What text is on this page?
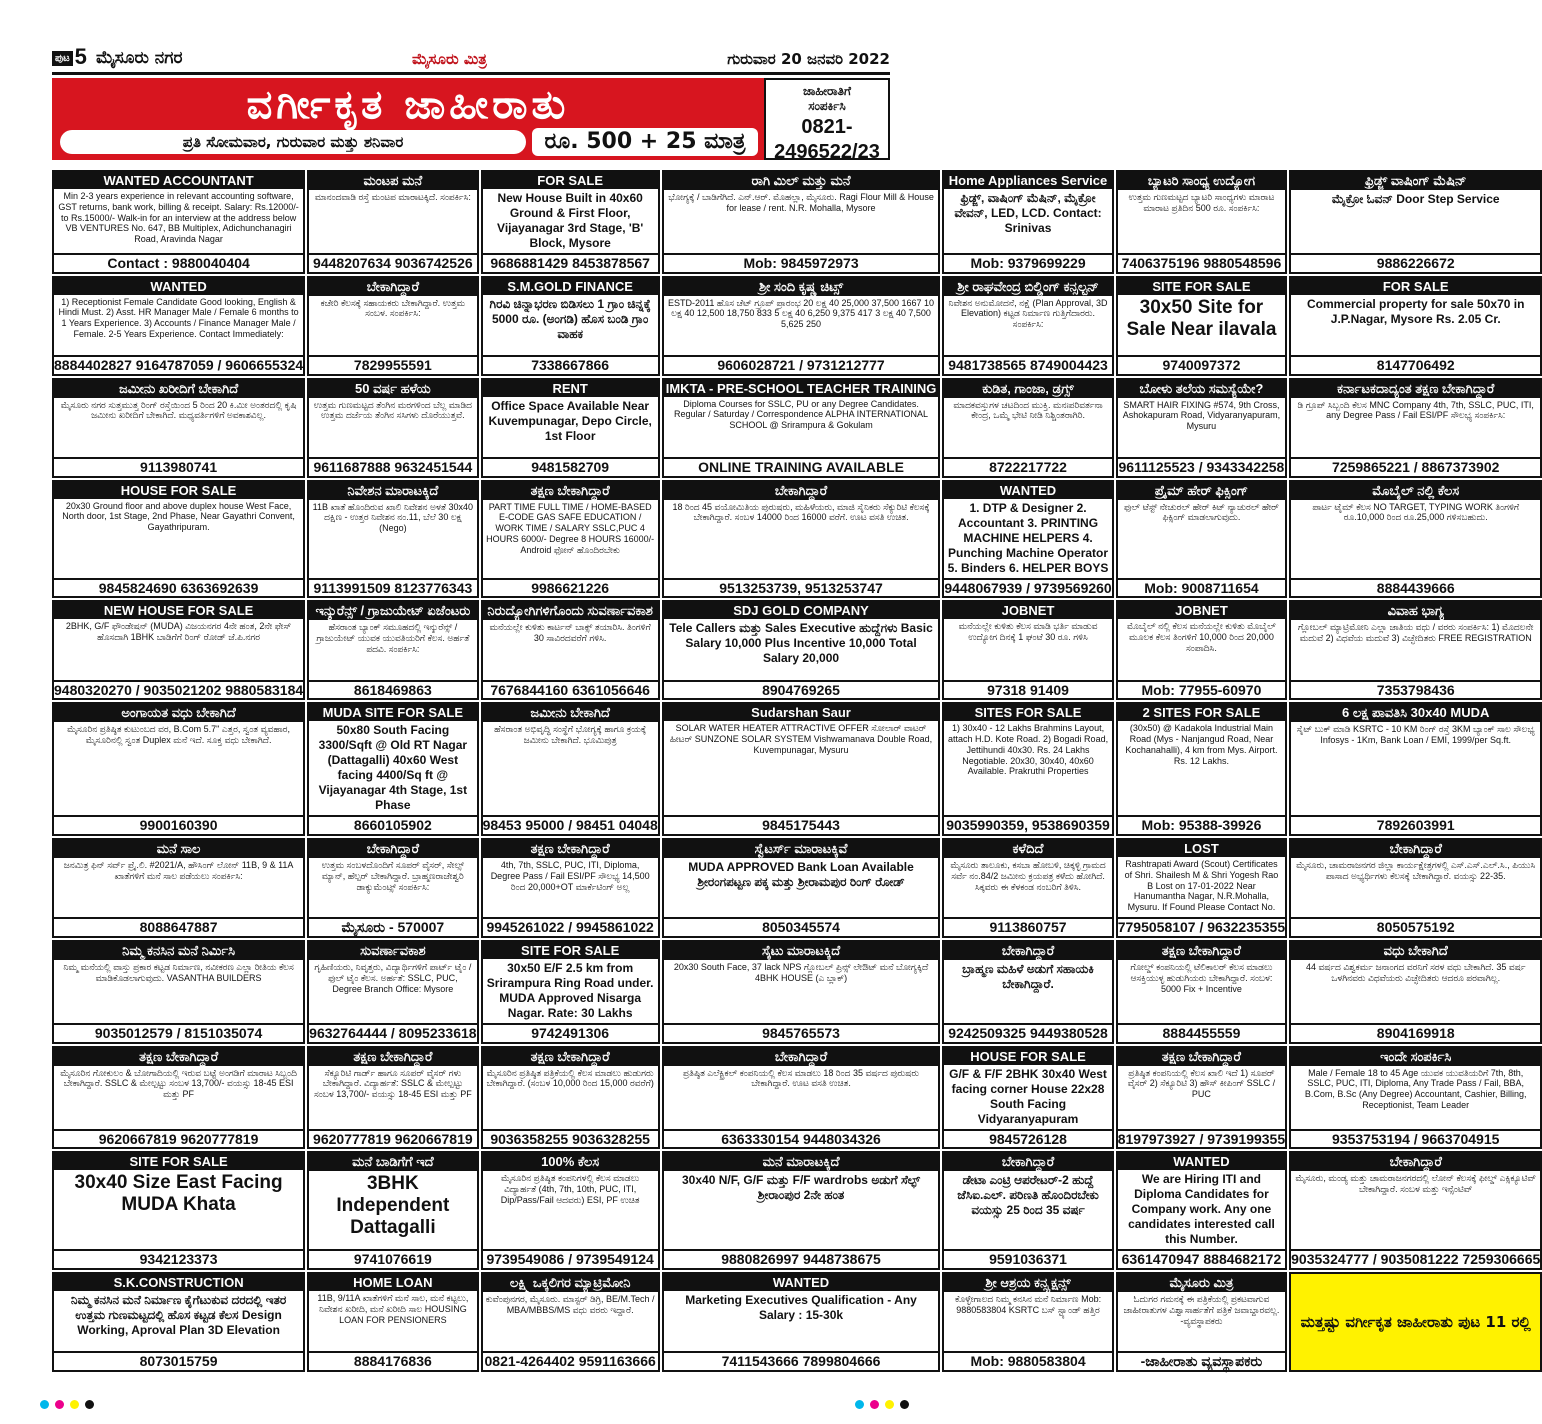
ಪುಟ 5 ಮೈಸೂರು ನಗರ	ಮೈಸೂರು ಮಿತ್ರ	ಗುರುವಾರ 20 ಜನವರಿ 2022
ವರ್ಗೀಕೃತ ಜಾಹೀರಾತು
ಪ್ರತಿ ಸೋಮವಾರ, ಗುರುವಾರ ಮತ್ತು ಶನಿವಾರ	ರೂ. 500 + 25 ಮಾತ್ರ
ಜಾಹೀರಾತಿಗೆ
ಸಂಪರ್ಕಿಸಿ
0821-
2496522/23
WANTED ACCOUNTANT
Min 2-3 years experience in relevant accounting software, GST returns, bank work, billing & receipt. Salary: Rs.12000/- to Rs.15000/- Walk-in for an interview at the address below VB VENTURES No. 647, BB Multiplex, Adichunchanagiri Road, Aravinda Nagar
Contact : 9880040404
ಮಂಟಪ ಮನೆ
ಮಾನಂದವಾಡಿ ರಸ್ತೆ ಮಂಟಪ ಮಾರಾಟಕ್ಕಿದೆ. ಸಂಪರ್ಕಿಸಿ:
9448207634 9036742526
FOR SALE
New House Built in 40x60 Ground & First Floor, Vijayanagar 3rd Stage, 'B' Block, Mysore
9686881429 8453878567
ರಾಗಿ ಮಿಲ್ ಮತ್ತು ಮನೆ
ಭೋಗ್ಯಕ್ಕೆ / ಬಾಡಿಗೆಗಿದೆ. ಎನ್.ಆರ್. ಮೊಹಲ್ಲಾ, ಮೈಸೂರು. Ragi Flour Mill & House for lease / rent. N.R. Mohalla, Mysore
Mob: 9845972973
Home Appliances Service
ಫ್ರಿಡ್ಜ್, ವಾಷಿಂಗ್ ಮೆಷಿನ್, ಮೈಕ್ರೋ ವೇವನ್, LED, LCD. Contact: Srinivas
Mob: 9379699229
ಬ್ಯಾಟರಿ ಸಾಂಧ್ಯ ಉದ್ಯೋಗ
ಉತ್ತಮ ಗುಣಮಟ್ಟದ ಬ್ಯಾಟರಿ ಸಾಂಧ್ಯಗಳು ಮಾರಾಟ ಮಾರಾಟ ಪ್ರತಿದಿನ 500 ರೂ. ಸಂಪರ್ಕಿಸಿ:
7406375196 9880548596
ಫ್ರಿಡ್ಜ್ ವಾಷಿಂಗ್ ಮೆಷಿನ್
ಮೈಕ್ರೋ ಓವನ್ Door Step Service
9886226672
WANTED
1) Receptionist Female Candidate Good looking, English & Hindi Must. 2) Asst. HR Manager Male / Female 6 months to 1 Years Experience. 3) Accounts / Finance Manager Male / Female. 2-5 Years Experience. Contact Immediately:
8884402827 9164787059 / 9606655324
ಬೇಕಾಗಿದ್ದಾರೆ
ಕಚೇರಿ ಕೆಲಸಕ್ಕೆ ಸಹಾಯಕರು ಬೇಕಾಗಿದ್ದಾರೆ. ಉತ್ತಮ ಸಂಬಳ. ಸಂಪರ್ಕಿಸಿ:
7829955591
S.M.GOLD FINANCE
ಗಿರವಿ ಚಿನ್ನಾಭರಣ ಬಿಡಿಸಲು 1 ಗ್ರಾಂ ಚಿನ್ನಕ್ಕೆ 5000 ರೂ. (ಅಂಗಡಿ) ಹೊಸ ಬಂಡಿ ಗ್ರಾಂ ವಾಹಕ
7338667866
ಶ್ರೀ ಸಂದಿ ಕೃಷ್ಣ ಚಿಟ್ಸ್
ESTD-2011 ಹೊಸ ಚೆಟ್ ಗ್ರೂಪ್ ಪ್ರಾರಂಭ 20 ಲಕ್ಷ 40 25,000 37,500 1667 10 ಲಕ್ಷ 40 12,500 18,750 833 5 ಲಕ್ಷ 40 6,250 9,375 417 3 ಲಕ್ಷ 40 7,500 5,625 250
9606028721 / 9731212777
ಶ್ರೀ ರಾಘವೇಂದ್ರ ಬಿಲ್ಡಿಂಗ್ ಕನ್ಸಲ್ಟನ್
ನಿವೇಶನ ಅನುಮೋದನೆ, ನಕ್ಷೆ (Plan Approval, 3D Elevation) ಕಟ್ಟಡ ನಿರ್ಮಾಣ ಗುತ್ತಿಗೆದಾರರು. ಸಂಪರ್ಕಿಸಿ:
9481738565 8749004423
SITE FOR SALE
30x50 Site for Sale Near ilavala
9740097372
FOR SALE
Commercial property for sale 50x70 in J.P.Nagar, Mysore Rs. 2.05 Cr.
8147706492
ಜಮೀನು ಖರೀದಿಗೆ ಬೇಕಾಗಿದೆ
ಮೈಸೂರು ನಗರ ಸುತ್ತಮುತ್ತ ರಿಂಗ್ ರಸ್ತೆಯಿಂದ 5 ರಿಂದ 20 ಕಿ.ಮೀ ಅಂತರದಲ್ಲಿ ಕೃಷಿ ಜಮೀನು ಖರೀದಿಗೆ ಬೇಕಾಗಿದೆ. ಮಧ್ಯವರ್ತಿಗಳಿಗೆ ಅವಕಾಶವಿಲ್ಲ.
9113980741
50 ವರ್ಷ ಹಳೆಯ
ಉತ್ತಮ ಗುಣಮಟ್ಟದ ತೆಂಗಿನ ಮರಗಳಿಂದ ಬೆಲ್ಲ ಮಾಡಿದ ಉತ್ತಮ ದರ್ಜೆಯ ತೆಂಗಿನ ಸಸಿಗಳು ದೊರೆಯುತ್ತವೆ.
9611687888 9632451544
RENT
Office Space Available Near Kuvempunagar, Depo Circle, 1st Floor
9481582709
IMKTA - PRE-SCHOOL TEACHER TRAINING
Diploma Courses for SSLC, PU or any Degree Candidates. Regular / Saturday / Correspondence ALPHA INTERNATIONAL SCHOOL @ Srirampura & Gokulam
ONLINE TRAINING AVAILABLE
ಕುಡಿತ, ಗಾಂಜಾ, ಡ್ರಗ್ಸ್
ಮಾದಕವಸ್ತುಗಳ ಚಟದಿಂದ ಮುಕ್ತಿ. ಮನಃಪರಿವರ್ತನಾ ಕೇಂದ್ರ, ಒಮ್ಮೆ ಭೇಟಿ ನೀಡಿ ನಿಶ್ಚಿಂತರಾಗಿರಿ.
8722217722
ಬೋಳು ತಲೆಯ ಸಮಸ್ಯೆಯೇ?
SMART HAIR FIXING #574, 9th Cross, Ashokapuram Road, Vidyaranyapuram, Mysuru
9611125523 / 9343342258
ಕರ್ನಾಟಕದಾದ್ಯಂತ ತಕ್ಷಣ ಬೇಕಾಗಿದ್ದಾರೆ
ಡಿ ಗ್ರೂಪ್ ಸಿಬ್ಬಂದಿ ಕೆಲಸ MNC Company 4th, 7th, SSLC, PUC, ITI, any Degree Pass / Fail ESI/PF ಸೌಲಭ್ಯ ಸಂಪರ್ಕಿಸಿ:
7259865221 / 8867373902
HOUSE FOR SALE
20x30 Ground floor and above duplex house West Face, North door, 1st Stage, 2nd Phase, Near Gayathri Convent, Gayathripuram.
9845824690 6363692639
ನಿವೇಶನ ಮಾರಾಟಕ್ಕಿದೆ
11B ಖಾತೆ ಹೊಂದಿರುವ ಖಾಲಿ ನಿವೇಶನ ಅಳತೆ 30x40 ದಕ್ಷಿಣ - ಉತ್ತರ ನಿವೇಶನ ನಂ.11, ಬೆಲೆ 30 ಲಕ್ಷ (Nego)
9113991509 8123776343
ತಕ್ಷಣ ಬೇಕಾಗಿದ್ದಾರೆ
PART TIME FULL TIME / HOME-BASED E-CODE GAS SAFE EDUCATION / WORK TIME / SALARY SSLC,PUC 4 HOURS 6000/- Degree 8 HOURS 16000/- Android ಫೋನ್ ಹೊಂದಿರಬೇಕು
9986621226
ಬೇಕಾಗಿದ್ದಾರೆ
18 ರಿಂದ 45 ವಯೋಮಿತಿಯ ಪುರುಷರು, ಮಹಿಳೆಯರು, ಮಾಜಿ ಸೈನಿಕರು ಸೆಕ್ಯುರಿಟಿ ಕೆಲಸಕ್ಕೆ ಬೇಕಾಗಿದ್ದಾರೆ. ಸಂಬಳ 14000 ರಿಂದ 16000 ವರೆಗೆ. ಊಟ ವಸತಿ ಉಚಿತ.
9513253739, 9513253747
WANTED
1. DTP & Designer 2. Accountant 3. PRINTING MACHINE HELPERS 4. Punching Machine Operator 5. Binders 6. HELPER BOYS
9448067939 / 9739569260
ಪ್ರೈಮ್ ಹೇರ್ ಫಿಕ್ಸಿಂಗ್
ಫುಲ್ ಟೆಸ್ಟ್ ನೇಚುರಲ್ ಹೇರ್ ಕಿಟ್ ನ್ಯಾಚುರಲ್ ಹೇರ್ ಫಿಕ್ಸಿಂಗ್ ಮಾಡಲಾಗುವುದು.
Mob: 9008711654
ಮೊಬೈಲ್ ನಲ್ಲಿ ಕೆಲಸ
ಪಾರ್ಟ ಟೈಮ್ ಕೆಲಸ NO TARGET, TYPING WORK ತಿಂಗಳಿಗೆ ರೂ.10,000 ರಿಂದ ರೂ.25,000 ಗಳಿಸಬಹುದು.
8884439666
NEW HOUSE FOR SALE
2BHK, G/F ಫೌಂಡೇಷನ್ (MUDA) ವಿಜಯನಗರ 4ನೇ ಹಂತ, 2ನೇ ಫೇಸ್ ಹೊಸದಾಗಿ 1BHK ಬಾಡಿಗೆಗೆ ರಿಂಗ್ ರೋಡ್ ಜೆ.ಪಿ.ನಗರ
9480320270 / 9035021202 9880583184
ಇನ್ಶುರೆನ್ಸ್ / ಗ್ರಾಜುಯೇಟ್ ಏಜೆಂಟರು
ಹೆಸರಾಂತ ಬ್ಯಾಂಕ್ ಸಮೂಹದಲ್ಲಿ ಇನ್ಶುರೆನ್ಸ್ / ಗ್ರಾಜುಯೇಟ್ ಯುವಕ ಯುವತಿಯರಿಗೆ ಕೆಲಸ. ಅರ್ಹತೆ ಪದವಿ. ಸಂಪರ್ಕಿಸಿ:
8618469863
ನಿರುದ್ಯೋಗಿಗಳಿಗೊಂದು ಸುವರ್ಣಾವಕಾಶ
ಮನೆಯಲ್ಲೇ ಕುಳಿತು ಕಾರ್ಟನ್ ಬಾಕ್ಸ್ ತಯಾರಿಸಿ. ತಿಂಗಳಿಗೆ 30 ಸಾವಿರದವರೆಗೆ ಗಳಿಸಿ.
7676844160 6361056646
SDJ GOLD COMPANY
Tele Callers ಮತ್ತು Sales Executive ಹುದ್ದೆಗಳು Basic Salary 10,000 Plus Incentive 10,000 Total Salary 20,000
8904769265
JOBNET
ಮನೆಯಲ್ಲೇ ಕುಳಿತು ಕೆಲಸ ಮಾಡಿ ಭರ್ತಿ ಮಾಡುವ ಉದ್ಯೋಗ ದಿನಕ್ಕೆ 1 ಘಂಟೆ 30 ರೂ. ಗಳಿಸಿ
97318 91409
JOBNET
ಮೊಬೈಲ್ ನಲ್ಲಿ ಕೆಲಸ ಮನೆಯಲ್ಲೇ ಕುಳಿತು ಮೊಬೈಲ್ ಮೂಲಕ ಕೆಲಸ ತಿಂಗಳಿಗೆ 10,000 ರಿಂದ 20,000 ಸಂಪಾದಿಸಿ.
Mob: 77955-60970
ವಿವಾಹ ಭಾಗ್ಯ
ಗ್ಲೋಬಲ್ ಮ್ಯಾಟ್ರಿಮೋನಿ ಎಲ್ಲಾ ಜಾತಿಯ ವಧು / ವರರು ಸಂಪರ್ಕಿಸಿ: 1) ಮೊದಲನೇ ಮದುವೆ 2) ವಿಧವೆಯ ಮದುವೆ 3) ವಿಚ್ಛೇದಿತರು FREE REGISTRATION
7353798436
ಅಂಗಾಯತ ವಧು ಬೇಕಾಗಿದೆ
ಮೈಸೂರಿನ ಪ್ರತಿಷ್ಠಿತ ಕುಟುಂಬದ ವರ, B.Com 5.7" ಎತ್ತರ, ಸ್ವಂತ ವ್ಯವಹಾರ, ಮೈಸೂರಿನಲ್ಲಿ ಸ್ವಂತ Duplex ಮನೆ ಇದೆ. ಸೂಕ್ತ ವಧು ಬೇಕಾಗಿದೆ.
9900160390
MUDA SITE FOR SALE
50x80 South Facing 3300/Sqft @ Old RT Nagar (Dattagalli) 40x60 West facing 4400/Sq ft @ Vijayanagar 4th Stage, 1st Phase
8660105902
ಜಮೀನು ಬೇಕಾಗಿದೆ
ಹೆಸರಾಂತ ಅಭಿವೃದ್ಧಿ ಸಂಸ್ಥೆಗೆ ಭೋಗ್ಯಕ್ಕೆ ಹಾಗೂ ಕ್ರಯಕ್ಕೆ ಜಮೀನು ಬೇಕಾಗಿದೆ. ಭೂಮಿಪುತ್ರ
98453 95000 / 98451 04048
Sudarshan Saur
SOLAR WATER HEATER ATTRACTIVE OFFER ಸೋಲಾರ್ ವಾಟರ್ ಹೀಟರ್ SUNZONE SOLAR SYSTEM Vishwamanava Double Road, Kuvempunagar, Mysuru
9845175443
SITES FOR SALE
1) 30x40 - 12 Lakhs Brahmins Layout, attach H.D. Kote Road. 2) Bogadi Road, Jettihundi 40x30. Rs. 24 Lakhs Negotiable. 20x30, 30x40, 40x60 Available. Prakruthi Properties
9035990359, 9538690359
2 SITES FOR SALE
(30x50) @ Kadakola Industrial Main Road (Mys - Nanjangud Road, Near Kochanahalli), 4 km from Mys. Airport. Rs. 12 Lakhs.
Mob: 95388-39926
6 ಲಕ್ಷ ಪಾವತಿಸಿ 30x40 MUDA
ಸೈಟ್ ಬುಕ್ ಮಾಡಿ KSRTC - 10 KM ರಿಂಗ್ ರಸ್ತೆ 3KM ಬ್ಯಾಂಕ್ ಸಾಲ ಸೌಲಭ್ಯ Infosys - 1Km, Bank Loan / EMI, 1999/per Sq.ft.
7892603991
ಮನೆ ಸಾಲ
ಜನಮಿತ್ರ ಫಿನ್ ಸರ್ವ್ ಪ್ರೈ.ಲಿ. #2021/A, ಹೌಸಿಂಗ್ ಲೋನ್ 11B, 9 & 11A ಖಾತೆಗಳಿಗೆ ಮನೆ ಸಾಲ ಪಡೆಯಲು ಸಂಪರ್ಕಿಸಿ:
8088647887
ಬೇಕಾಗಿದ್ದಾರೆ
ಉತ್ತಮ ಸಂಬಳದೊಂದಿಗೆ ಸೂಪರ್ ವೈಸರ್, ಸೇಲ್ಸ್ ಮ್ಯಾನ್, ಹೆಲ್ಪರ್ ಬೇಕಾಗಿದ್ದಾರೆ. ಬ್ರಾಹ್ಮಣರಾಜೇಶ್ವರಿ ಡಾಕ್ಯುಮೆಂಟ್ಸ್ ಸಂಪರ್ಕಿಸಿ:
ಮೈಸೂರು - 570007
ತಕ್ಷಣ ಬೇಕಾಗಿದ್ದಾರೆ
4th, 7th, SSLC, PUC, ITI, Diploma, Degree Pass / Fail ESI/PF ಸೌಲಭ್ಯ 14,500 ರಿಂದ 20,000+OT ಮಾರ್ಕೆಟಿಂಗ್ ಅಲ್ಲ
9945261022 / 9945861022
ಸ್ವೆಟರ್ಸ್ ಮಾರಾಟಕ್ಕಿವೆ
MUDA APPROVED Bank Loan Available ಶ್ರೀರಂಗಪಟ್ಟಣ ಪಕ್ಕ ಮತ್ತು ಶ್ರೀರಾಮಪುರ ರಿಂಗ್ ರೋಡ್
8050345574
ಕಳೆದಿದೆ
ಮೈಸೂರು ತಾಲೂಕು, ಕಸಬಾ ಹೋಬಳಿ, ಚಿಕ್ಕಳ್ಳಿ ಗ್ರಾಮದ ಸರ್ವೆ ನಂ.84/2 ಜಮೀನು ಕ್ರಯಪತ್ರ ಕಳೆದು ಹೋಗಿದೆ. ಸಿಕ್ಕವರು ಈ ಕೆಳಕಂಡ ನಂಬರಿಗೆ ತಿಳಿಸಿ.
9113860757
LOST
Rashtrapati Award (Scout) Certificates of Shri. Shailesh M & Shri Yogesh Rao B Lost on 17-01-2022 Near Hanumantha Nagar, N.R.Mohalla, Mysuru. If Found Please Contact No.
7795058107 / 9632235355
ಬೇಕಾಗಿದ್ದಾರೆ
ಮೈಸೂರು, ಚಾಮರಾಜನಗರ ಜಿಲ್ಲಾ ಕಾರ್ಯಕ್ಷೇತ್ರಗಳಲ್ಲಿ ಎಸ್.ಎಸ್.ಎಲ್.ಸಿ., ಪಿಯುಸಿ ಪಾಸಾದ ಅಭ್ಯರ್ಥಿಗಳು ಕೆಲಸಕ್ಕೆ ಬೇಕಾಗಿದ್ದಾರೆ. ವಯಸ್ಸು 22-35.
8050575192
ನಿಮ್ಮ ಕನಸಿನ ಮನೆ ನಿರ್ಮಿಸಿ
ನಿಮ್ಮ ಮನೆಯಲ್ಲಿ ವಾಸ್ತು ಪ್ರಕಾರ ಕಟ್ಟಡ ನಿರ್ಮಾಣ, ನವೀಕರಣ ಎಲ್ಲಾ ರೀತಿಯ ಕೆಲಸ ಮಾಡಿಕೊಡಲಾಗುವುದು. VASANTHA BUILDERS
9035012579 / 8151035074
ಸುವರ್ಣಾವಕಾಶ
ಗೃಹಿಣಿಯರು, ನಿವೃತ್ತರು, ವಿದ್ಯಾರ್ಥಿಗಳಿಗೆ ಪಾರ್ಟ್ ಟೈಂ / ಫುಲ್ ಟೈಂ ಕೆಲಸ. ಅರ್ಹತೆ: SSLC, PUC, Degree Branch Office: Mysore
9632764444 / 8095233618
SITE FOR SALE
30x50 E/F 2.5 km from Srirampura Ring Road under. MUDA Approved Nisarga Nagar. Rate: 30 Lakhs
9742491306
ಸೈಟು ಮಾರಾಟಕ್ಕಿದೆ
20x30 South Face, 37 lack NPS ಗ್ಲೋಬಲ್ ಪ್ರಿನ್ಸ್ ಲೇಔಟ್ ಮನೆ ಬೋಗ್ಯಕ್ಕಿದೆ 4BHK HOUSE (ಎ ಬ್ಲಾಕ್)
9845765573
ಬೇಕಾಗಿದ್ದಾರೆ
ಬ್ರಾಹ್ಮಣ ಮಹಿಳೆ ಅಡುಗೆ ಸಹಾಯಕಿ ಬೇಕಾಗಿದ್ದಾರೆ.
9242509325 9449380528
ತಕ್ಷಣ ಬೇಕಾಗಿದ್ದಾರೆ
ಗೋಲ್ಡ್ ಕಂಪನಿಯಲ್ಲಿ ಟೆಲಿಕಾಲರ್ ಕೆಲಸ ಮಾಡಲು ಆಸಕ್ತಿಯುಳ್ಳ ಹುಡುಗಿಯರು ಬೇಕಾಗಿದ್ದಾರೆ. ಸಂಬಳ: 5000 Fix + Incentive
8884455559
ವಧು ಬೇಕಾಗಿದೆ
44 ವರ್ಷದ ವಿಶ್ವಕರ್ಮ ಜನಾಂಗದ ವರನಿಗೆ ಸರಳ ವಧು ಬೇಕಾಗಿದೆ. 35 ವರ್ಷ ಒಳಗಿನವರು ವಿಧವೆಯರು ವಿಚ್ಛೇದಿತರು ಆದರೂ ಪರವಾಗಿಲ್ಲ.
8904169918
ತಕ್ಷಣ ಬೇಕಾಗಿದ್ದಾರೆ
ಮೈಸೂರಿನ ಗೋಕುಲಂ & ಬೋಗಾದಿಯಲ್ಲಿ ಇರುವ ಬಟ್ಟೆ ಅಂಗಡಿಗೆ ಮಾರಾಟ ಸಿಬ್ಬಂದಿ ಬೇಕಾಗಿದ್ದಾರೆ. SSLC & ಮೇಲ್ಪಟ್ಟು ಸಂಬಳ 13,700/- ವಯಸ್ಸು 18-45 ESI ಮತ್ತು PF
9620667819 9620777819
ತಕ್ಷಣ ಬೇಕಾಗಿದ್ದಾರೆ
ಸೆಕ್ಯೂರಿಟಿ ಗಾರ್ಡ್ ಹಾಗೂ ಸೂಪರ್ ವೈಸರ್ ಗಳು ಬೇಕಾಗಿದ್ದಾರೆ. ವಿದ್ಯಾರ್ಹತೆ: SSLC & ಮೇಲ್ಪಟ್ಟು ಸಂಬಳ 13,700/- ವಯಸ್ಸು 18-45 ESI ಮತ್ತು PF
9620777819 9620667819
ತಕ್ಷಣ ಬೇಕಾಗಿದ್ದಾರೆ
ಮೈಸೂರಿನ ಪ್ರತಿಷ್ಠಿತ ಪತ್ರಿಕೆಯಲ್ಲಿ ಕೆಲಸ ಮಾಡಲು ಹುಡುಗರು ಬೇಕಾಗಿದ್ದಾರೆ. (ಸಂಬಳ 10,000 ರಿಂದ 15,000 ರವರೆಗೆ)
9036358255 9036328255
ಬೇಕಾಗಿದ್ದಾರೆ
ಪ್ರತಿಷ್ಠಿತ ಎಲೆಕ್ಟ್ರಿಕಲ್ ಕಂಪನಿಯಲ್ಲಿ ಕೆಲಸ ಮಾಡಲು 18 ರಿಂದ 35 ವರ್ಷದ ಪುರುಷರು ಬೇಕಾಗಿದ್ದಾರೆ. ಊಟ ವಸತಿ ಉಚಿತ.
6363330154 9448034326
HOUSE FOR SALE
G/F & F/F 2BHK 30x40 West facing corner House 22x28 South Facing Vidyaranyapuram
9845726128
ತಕ್ಷಣ ಬೇಕಾಗಿದ್ದಾರೆ
ಪ್ರತಿಷ್ಠಿತ ಕಂಪನಿಯಲ್ಲಿ ಕೆಲಸ ಖಾಲಿ ಇದೆ 1) ಸೂಪರ್ ವೈಸರ್ 2) ಸೆಕ್ಯೂರಿಟಿ 3) ಹೌಸ್ ಕೀಪಿಂಗ್ SSLC / PUC
8197973927 / 9739199355
ಇಂದೇ ಸಂಪರ್ಕಿಸಿ
Male / Female 18 to 45 Age ಯುವಕ ಯುವತಿಯರಿಗೆ 7th, 8th, SSLC, PUC, ITI, Diploma, Any Trade Pass / Fail, BBA, B.Com, B.Sc (Any Degree) Accountant, Cashier, Billing, Receptionist, Team Leader
9353753194 / 9663704915
SITE FOR SALE
30x40 Size East Facing MUDA Khata
9342123373
ಮನೆ ಬಾಡಿಗೆಗೆ ಇದೆ
3BHK Independent Dattagalli
9741076619
100% ಕೆಲಸ
ಮೈಸೂರಿನ ಪ್ರತಿಷ್ಠಿತ ಕಂಪನಿಗಳಲ್ಲಿ ಕೆಲಸ ಮಾಡಲು ವಿದ್ಯಾರ್ಹತೆ (4th, 7th, 10th, PUC, ITI, Dip/Pass/Fail ಆದವರು) ESI, PF ಉಚಿತ
9739549086 / 9739549124
ಮನೆ ಮಾರಾಟಕ್ಕಿದೆ
30x40 N/F, G/F ಮತ್ತು F/F wardrobs ಅಡುಗೆ ಸೆಲ್ಫ್ ಶ್ರೀರಾಂಪುರ 2ನೇ ಹಂತ
9880826997 9448738675
ಬೇಕಾಗಿದ್ದಾರೆ
ಡೇಟಾ ಎಂಟ್ರಿ ಆಪರೇಟರ್-2 ಹುದ್ದೆ ಜೆಸಿಐ.ಎಲ್. ಪರಿಣತಿ ಹೊಂದಿರಬೇಕು ವಯಸ್ಸು 25 ರಿಂದ 35 ವರ್ಷ
9591036371
WANTED
We are Hiring ITI and Diploma Candidates for Company work. Any one candidates interested call this Number.
6361470947 8884682172
ಬೇಕಾಗಿದ್ದಾರೆ
ಮೈಸೂರು, ಮಂಡ್ಯ ಮತ್ತು ಚಾಮರಾಜನಗರದಲ್ಲಿ ಲೋನ್ ಕೆಲಸಕ್ಕೆ ಫೀಲ್ಡ್ ಎಕ್ಸಿಕ್ಯೂಟಿವ್ ಬೇಕಾಗಿದ್ದಾರೆ. ಸಂಬಳ ಮತ್ತು ಇನ್ಸೆಂಟಿವ್
9035324777 / 9035081222 7259306665
S.K.CONSTRUCTION
ನಿಮ್ಮ ಕನಸಿನ ಮನೆ ನಿರ್ಮಾಣ ಕೈಗೆಟುಕುವ ದರದಲ್ಲಿ ಇತರ ಉತ್ತಮ ಗುಣಮಟ್ಟದಲ್ಲಿ ಹೊಸ ಕಟ್ಟಡ ಕೆಲಸ Design Working, Aproval Plan 3D Elevation
8073015759
HOME LOAN
11B, 9/11A ಖಾತೆಗಳಿಗೆ ಮನೆ ಸಾಲ, ಮನೆ ಕಟ್ಟಲು, ನಿವೇಶನ ಖರೀದಿ, ಮನೆ ಖರೀದಿ ಸಾಲ HOUSING LOAN FOR PENSIONERS
8884176836
ಲಕ್ಷ್ಮಿ ಒಕ್ಕಲಿಗರ ಮ್ಯಾಟ್ರಿಮೋನಿ
ಕುವೆಂಪುನಗರ, ಮೈಸೂರು. ಮಾಸ್ಟರ್ ಡಿಗ್ರಿ, BE/M.Tech / MBA/MBBS/MS ವಧು ವರರು ಇದ್ದಾರೆ.
0821-4264402 9591163666
WANTED
Marketing Executives Qualification - Any Salary : 15-30k
7411543666 7899804666
ಶ್ರೀ ಆಶ್ರಯ ಕನ್ಸ್ಟ್ರಕ್ಷನ್ಸ್
ಕೊಳ್ಳೇಗಾಲದ ನಿಮ್ಮ ಕನಸಿನ ಮನೆ ನಿರ್ಮಾಣ Mob: 9880583804 KSRTC ಬಸ್ ಸ್ಟ್ಯಾಂಡ್ ಹತ್ತಿರ
Mob: 9880583804
ಮೈಸೂರು ಮಿತ್ರ
ಓದುಗರ ಗಮನಕ್ಕೆ ಈ ಪತ್ರಿಕೆಯಲ್ಲಿ ಪ್ರಕಟವಾಗುವ ಜಾಹೀರಾತುಗಳ ವಿಶ್ವಾಸಾರ್ಹತೆಗೆ ಪತ್ರಿಕೆ ಜವಾಬ್ದಾರವಲ್ಲ. -ವ್ಯವಸ್ಥಾಪಕರು
-ಜಾಹೀರಾತು ವ್ಯವಸ್ಥಾಪಕರು
ಮತ್ತಷ್ಟು ವರ್ಗೀಕೃತ ಜಾಹೀರಾತು ಪುಟ 11 ರಲ್ಲಿ
